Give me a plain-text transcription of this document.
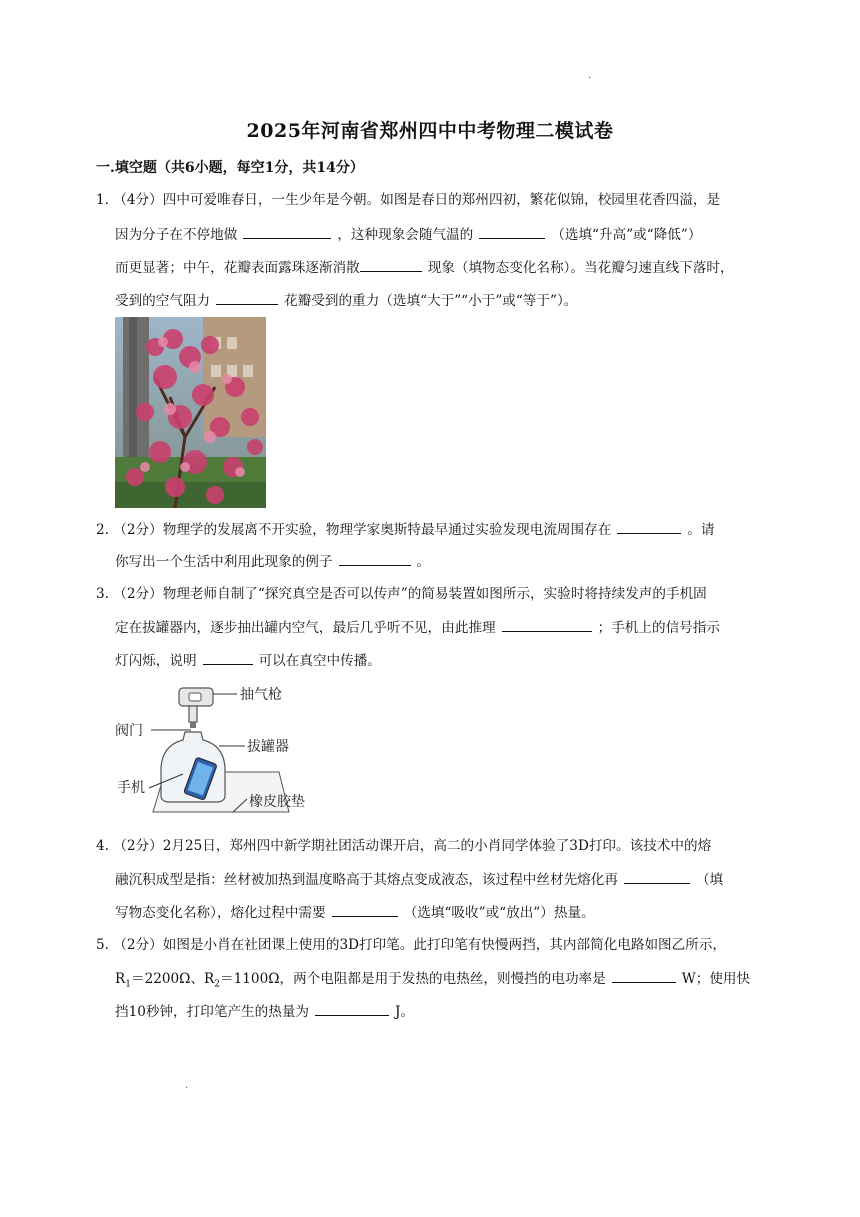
.
.
2025年河南省郑州四中中考物理二模试卷
一.填空题（共6小题，每空1分，共14分）
1. （4分）四中可爱唯春日，一生少年是今朝。如图是春日的郑州四初，繁花似锦，校园里花香四溢，是
因为分子在不停地做	，这种现象会随气温的	（选填“升高”或“降低”）
而更显著；中午，花瓣表面露珠逐渐消散	现象（填物态变化名称）。当花瓣匀速直线下落时，
受到的空气阻力	花瓣受到的重力（选填“大于”“小于”或“等于”）。
2. （2分）物理学的发展离不开实验，物理学家奥斯特最早通过实验发现电流周围存在	。请
你写出一个生活中利用此现象的例子	。
3. （2分）物理老师自制了“探究真空是否可以传声”的简易装置如图所示，实验时将持续发声的手机固
定在拔罐器内，逐步抽出罐内空气，最后几乎听不见，由此推理	；手机上的信号指示
灯闪烁，说明	可以在真空中传播。
抽气枪
阀门
拔罐器
手机
橡皮胶垫
4. （2分）2月25日，郑州四中新学期社团活动课开启，高二的小肖同学体验了3D打印。该技术中的熔
融沉积成型是指：丝材被加热到温度略高于其熔点变成液态，该过程中丝材先熔化再	（填
写物态变化名称），熔化过程中需要	（选填“吸收”或“放出”）热量。
5. （2分）如图是小肖在社团课上使用的3D打印笔。此打印笔有快慢两挡，其内部简化电路如图乙所示，
$R_1=2200\Omega$、$R_2=1100\Omega$，两个电阻都是用于发热的电热丝，则慢挡的电功率是	W；使用快
挡10秒钟，打印笔产生的热量为	J。
